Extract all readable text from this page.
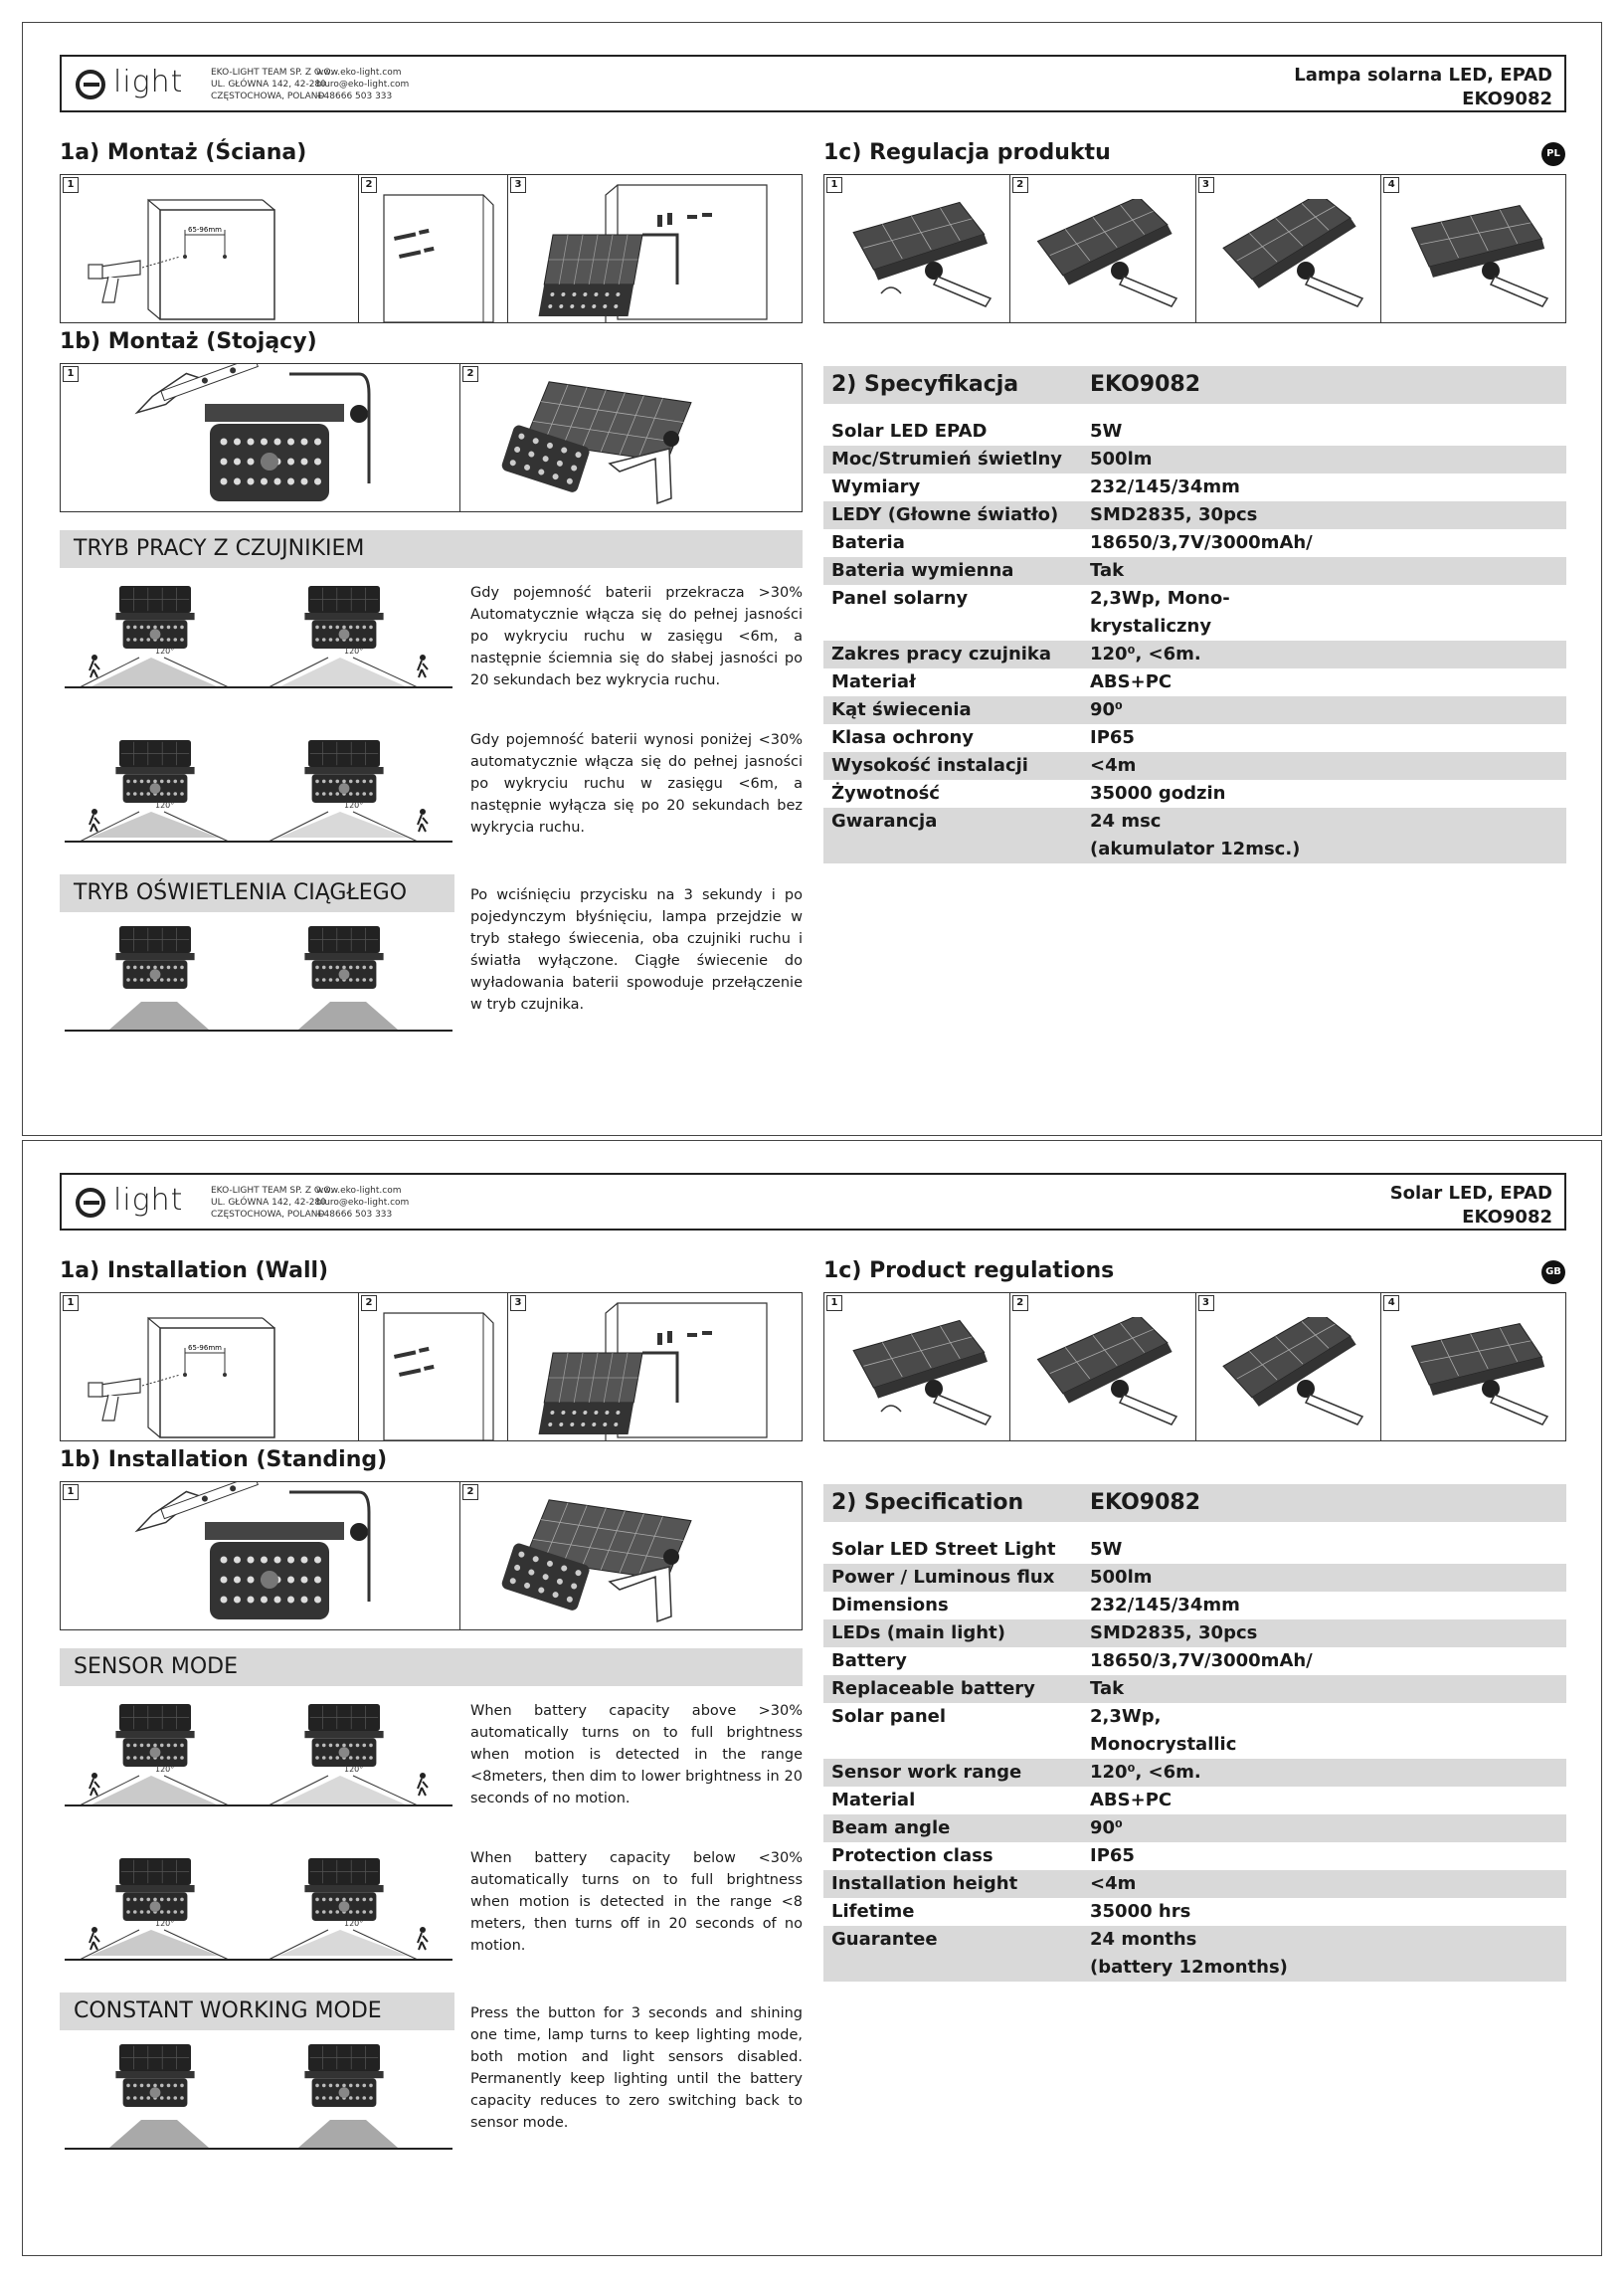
light	EKO-LIGHT TEAM SP. Z O.O.
UL. GŁÓWNA 142, 42-280
CZĘSTOCHOWA, POLAND
www.eko-light.com
biuro@eko-light.com
+48666 503 333
Lampa solarna LED, EPAD
EKO9082
1a) Montaż (Ściana)
1
65-96mm
2	3
1b) Montaż (Stojący)
1	2
1c) Regulacja produktu	PL
1	2	3	4
TRYB PRACY Z CZUJNIKIEM
120°	120°
Gdy pojemność baterii przekracza >30% Automatycznie włącza się do pełnej jasności po wykryciu ruchu w zasięgu <6m, a następnie ściemnia się do słabej jasności po 20 sekundach bez wykrycia ruchu.
120°	120°
Gdy pojemność baterii wynosi poniżej <30% automatycznie włącza się do pełnej jasności po wykryciu ruchu w zasięgu <6m, a następnie wyłącza się po 20 sekundach bez wykrycia ruchu.
TRYB OŚWIETLENIA CIĄGŁEGO	Po wciśnięciu przycisku na 3 sekundy i po pojedynczym błyśnięciu, lampa przejdzie w tryb stałego świecenia, oba czujniki ruchu i światła wyłączone. Ciągłe świecenie do wyładowania baterii spowoduje przełączenie w tryb czujnika.
2) Specyfikacja	EKO9082
Solar LED EPAD	5W
Moc/Strumień świetlny	500lm
Wymiary	232/145/34mm
LEDY (Głowne światło)	SMD2835, 30pcs
Bateria	18650/3,7V/3000mAh/
Bateria wymienna	Tak
Panel solarny	2,3Wp, Mono-
krystaliczny
Zakres pracy czujnika	120⁰, <6m.
Materiał	ABS+PC
Kąt świecenia	90⁰
Klasa ochrony	IP65
Wysokość instalacji	<4m
Żywotność	35000 godzin
Gwarancja	24 msc
(akumulator 12msc.)
light	EKO-LIGHT TEAM SP. Z O.O.
UL. GŁÓWNA 142, 42-280
CZĘSTOCHOWA, POLAND
www.eko-light.com
biuro@eko-light.com
+48666 503 333
Solar LED, EPAD
EKO9082
1a) Installation (Wall)
1
65-96mm
2	3
1b) Installation (Standing)
1	2
1c) Product regulations	GB
1	2	3	4
SENSOR MODE
120°	120°
When battery capacity above >30% automatically turns on to full brightness when motion is detected in the range <8meters, then dim to lower brightness in 20 seconds of no motion.
120°	120°
When battery capacity below <30% automatically turns on to full brightness when motion is detected in the range <8 meters, then turns off in 20 seconds of no motion.
CONSTANT WORKING MODE	Press the button for 3 seconds and shining one time, lamp turns to keep lighting mode, both motion and light sensors disabled. Permanently keep lighting until the battery capacity reduces to zero switching back to sensor mode.
2) Specification	EKO9082
Solar LED Street Light	5W
Power / Luminous flux	500lm
Dimensions	232/145/34mm
LEDs (main light)	SMD2835, 30pcs
Battery	18650/3,7V/3000mAh/
Replaceable battery	Tak
Solar panel	2,3Wp,
Monocrystallic
Sensor work range	120⁰, <6m.
Material	ABS+PC
Beam angle	90⁰
Protection class	IP65
Installation height	<4m
Lifetime	35000 hrs
Guarantee	24 months
(battery 12months)
